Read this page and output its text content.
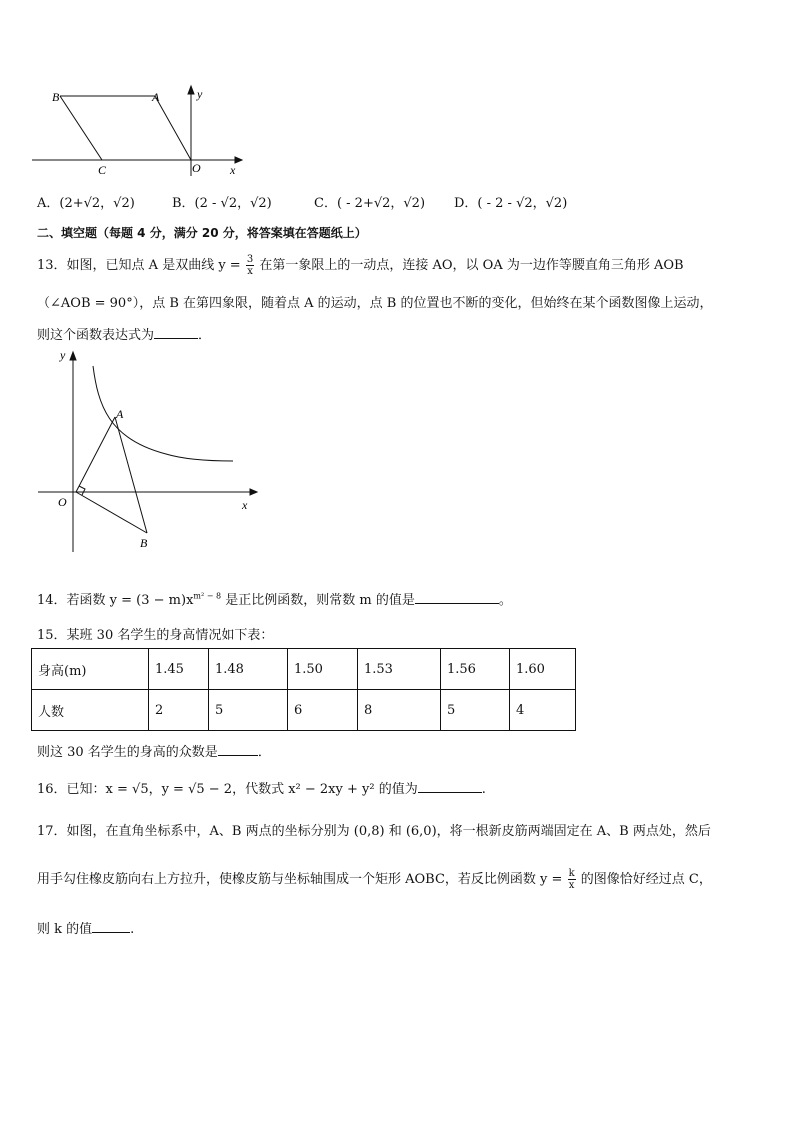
B	A
C	O x
y
A．(2+√2，√2)	B．(2 - √2，√2)	C．( - 2+√2，√2) D．( - 2 - √2，√2)
二、填空题（每题 4 分，满分 20 分，将答案填在答题纸上）
13．如图，已知点 A 是双曲线 $y = \frac{3}{x}$ 在第一象限上的一动点，连接 AO，以 OA 为一边作等腰直角三角形 AOB
（∠AOB = 90°），点 B 在第四象限，随着点 A 的运动，点 B 的位置也不断的变化，但始终在某个函数图像上运动，
则这个函数表达式为	．
y
A
O	x
B
14．若函数 $y = (3 - m)x^{m^2 - 8}$ 是正比例函数，则常数 m 的值是	。
15．某班 30 名学生的身高情况如下表：
身高(m)	1.45	1.48	1.50	1.53	1.56	1.60
人数	2	5	6	8	5	4
则这 30 名学生的身高的众数是	．
16．已知：x = √5，y = √5 − 2，代数式 x² − 2xy + y² 的值为	.
17．如图，在直角坐标系中，A、B 两点的坐标分别为 (0,8) 和 (6,0)，将一根新皮筋两端固定在 A、B 两点处，然后
用手勾住橡皮筋向右上方拉升，使橡皮筋与坐标轴围成一个矩形 AOBC，若反比例函数 $y = \frac{k}{x}$ 的图像恰好经过点 C，
则 k 的值	.
